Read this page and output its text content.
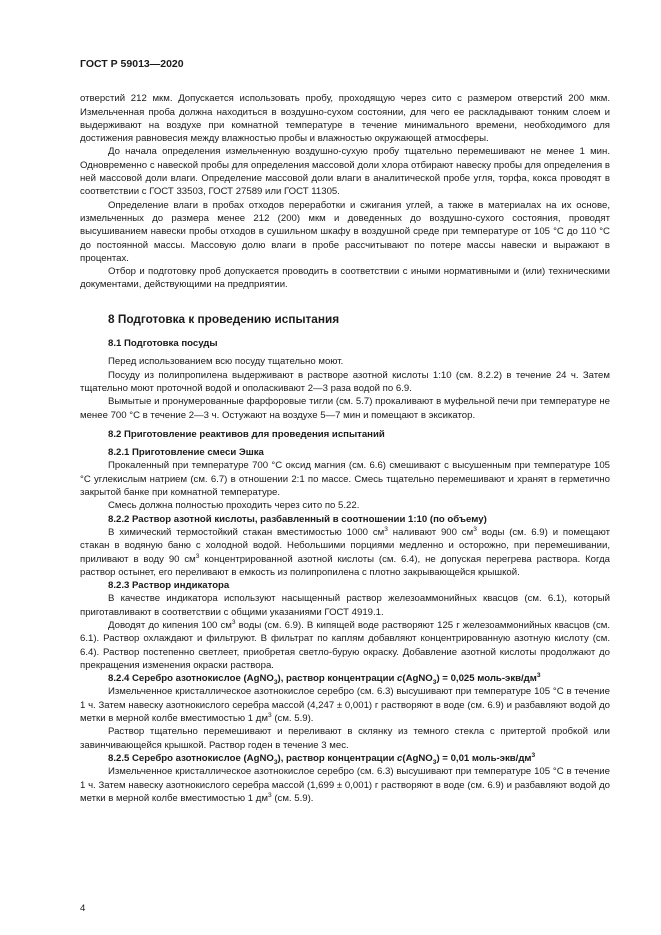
ГОСТ Р 59013—2020

отверстий 212 мкм. Допускается использовать пробу, проходящую через сито с размером отверстий 200 мкм. Измельченная проба должна находиться в воздушно-сухом состоянии, для чего ее раскладывают тонким слоем и выдерживают на воздухе при комнатной температуре в течение минимального времени, необходимого для достижения равновесия между влажностью пробы и влажностью окружающей атмосферы.

До начала определения измельченную воздушно-сухую пробу тщательно перемешивают не менее 1 мин. Одновременно с навеской пробы для определения массовой доли хлора отбирают навеску пробы для определения в ней массовой доли влаги. Определение массовой доли влаги в аналитической пробе угля, торфа, кокса проводят в соответствии с ГОСТ 33503, ГОСТ 27589 или ГОСТ 11305.

Определение влаги в пробах отходов переработки и сжигания углей, а также в материалах на их основе, измельченных до размера менее 212 (200) мкм и доведенных до воздушно-сухого состояния, проводят высушиванием навески пробы отходов в сушильном шкафу в воздушной среде при температуре от 105 °С до 110 °С до постоянной массы. Массовую долю влаги в пробе рассчитывают по потере массы навески и выражают в процентах.

Отбор и подготовку проб допускается проводить в соответствии с иными нормативными и (или) техническими документами, действующими на предприятии.

8 Подготовка к проведению испытания
8.1 Подготовка посуды

Перед использованием всю посуду тщательно моют.

Посуду из полипропилена выдерживают в растворе азотной кислоты 1:10 (см. 8.2.2) в течение 24 ч. Затем тщательно моют проточной водой и ополаскивают 2—3 раза водой по 6.9.

Вымытые и пронумерованные фарфоровые тигли (см. 5.7) прокаливают в муфельной печи при температуре не менее 700 °С в течение 2—3 ч. Остужают на воздухе 5—7 мин и помещают в эксикатор.

8.2 Приготовление реактивов для проведения испытаний
8.2.1 Приготовление смеси Эшка

Прокаленный при температуре 700 °С оксид магния (см. 6.6) смешивают с высушенным при температуре 105 °С углекислым натрием (см. 6.7) в отношении 2:1 по массе. Смесь тщательно перемешивают и хранят в герметично закрытой банке при комнатной температуре.

Смесь должна полностью проходить через сито по 5.22.

8.2.2 Раствор азотной кислоты, разбавленный в соотношении 1:10 (по объему)

В химический термостойкий стакан вместимостью 1000 $см^3$ наливают 900 $см^3$ воды (см. 6.9) и помещают стакан в водяную баню с холодной водой. Небольшими порциями медленно и осторожно, при перемешивании, приливают в воду 90 $см^3$ концентрированной азотной кислоты (см. 6.4), не допуская перегрева раствора. Когда раствор остынет, его переливают в емкость из полипропилена с плотно закрывающейся крышкой.

8.2.3 Раствор индикатора

В качестве индикатора используют насыщенный раствор железоаммонийных квасцов (см. 6.1), который приготавливают в соответствии с общими указаниями ГОСТ 4919.1.

Доводят до кипения 100 $см^3$ воды (см. 6.9). В кипящей воде растворяют 125 г железоаммонийных квасцов (см. 6.1). Раствор охлаждают и фильтруют. В фильтрат по каплям добавляют концентрированную азотную кислоту (см. 6.4). Раствор постепенно светлеет, приобретая светло-бурую окраску. Добавление азотной кислоты продолжают до прекращения изменения окраски раствора.

8.2.4 Серебро азотнокислое (AgNO$_3$), раствор концентрации c(AgNO$_3$) = 0,025 моль-$экв/дм^3$

Измельченное кристаллическое азотнокислое серебро (см. 6.3) высушивают при температуре 105 °С в течение 1 ч. Затем навеску азотнокислого серебра массой (4,247 ± 0,001) г растворяют в воде (см. 6.9) и разбавляют водой до метки в мерной колбе вместимостью 1 $дм^3$ (см. 5.9).

Раствор тщательно перемешивают и переливают в склянку из темного стекла с притертой пробкой или завинчивающейся крышкой. Раствор годен в течение 3 мес.

8.2.5 Серебро азотнокислое (AgNO$_3$), раствор концентрации c(AgNO$_3$) = 0,01 моль-$экв/дм^3$

Измельченное кристаллическое азотнокислое серебро (см. 6.3) высушивают при температуре 105 °С в течение 1 ч. Затем навеску азотнокислого серебра массой (1,699 ± 0,001) г растворяют в воде (см. 6.9) и разбавляют водой до метки в мерной колбе вместимостью 1 $дм^3$ (см. 5.9).

4
